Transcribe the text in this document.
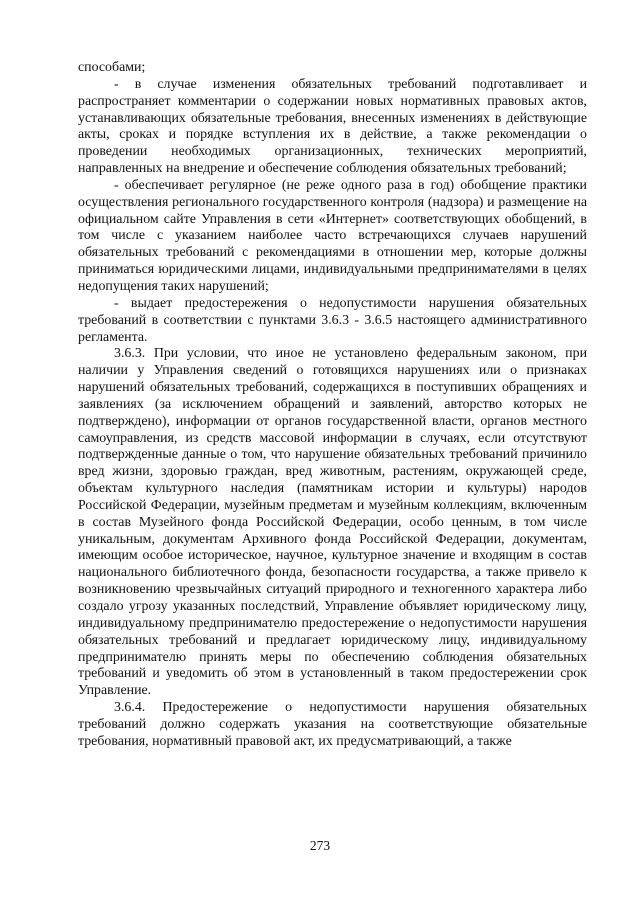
способами;

- в случае изменения обязательных требований подготавливает и распространяет комментарии о содержании новых нормативных правовых актов, устанавливающих обязательные требования, внесенных изменениях в действующие акты, сроках и порядке вступления их в действие, а также рекомендации о проведении необходимых организационных, технических мероприятий, направленных на внедрение и обеспечение соблюдения обязательных требований;

- обеспечивает регулярное (не реже одного раза в год) обобщение практики осуществления регионального государственного контроля (надзора) и размещение на официальном сайте Управления в сети «Интернет» соответствующих обобщений, в том числе с указанием наиболее часто встречающихся случаев нарушений обязательных требований с рекомендациями в отношении мер, которые должны приниматься юридическими лицами, индивидуальными предпринимателями в целях недопущения таких нарушений;

- выдает предостережения о недопустимости нарушения обязательных требований в соответствии с пунктами 3.6.3 - 3.6.5 настоящего административного регламента.

3.6.3. При условии, что иное не установлено федеральным законом, при наличии у Управления сведений о готовящихся нарушениях или о признаках нарушений обязательных требований, содержащихся в поступивших обращениях и заявлениях (за исключением обращений и заявлений, авторство которых не подтверждено), информации от органов государственной власти, органов местного самоуправления, из средств массовой информации в случаях, если отсутствуют подтвержденные данные о том, что нарушение обязательных требований причинило вред жизни, здоровью граждан, вред животным, растениям, окружающей среде, объектам культурного наследия (памятникам истории и культуры) народов Российской Федерации, музейным предметам и музейным коллекциям, включенным в состав Музейного фонда Российской Федерации, особо ценным, в том числе уникальным, документам Архивного фонда Российской Федерации, документам, имеющим особое историческое, научное, культурное значение и входящим в состав национального библиотечного фонда, безопасности государства, а также привело к возникновению чрезвычайных ситуаций природного и техногенного характера либо создало угрозу указанных последствий, Управление объявляет юридическому лицу, индивидуальному предпринимателю предостережение о недопустимости нарушения обязательных требований и предлагает юридическому лицу, индивидуальному предпринимателю принять меры по обеспечению соблюдения обязательных требований и уведомить об этом в установленный в таком предостережении срок Управление.

3.6.4. Предостережение о недопустимости нарушения обязательных требований должно содержать указания на соответствующие обязательные требования, нормативный правовой акт, их предусматривающий, а также

273
